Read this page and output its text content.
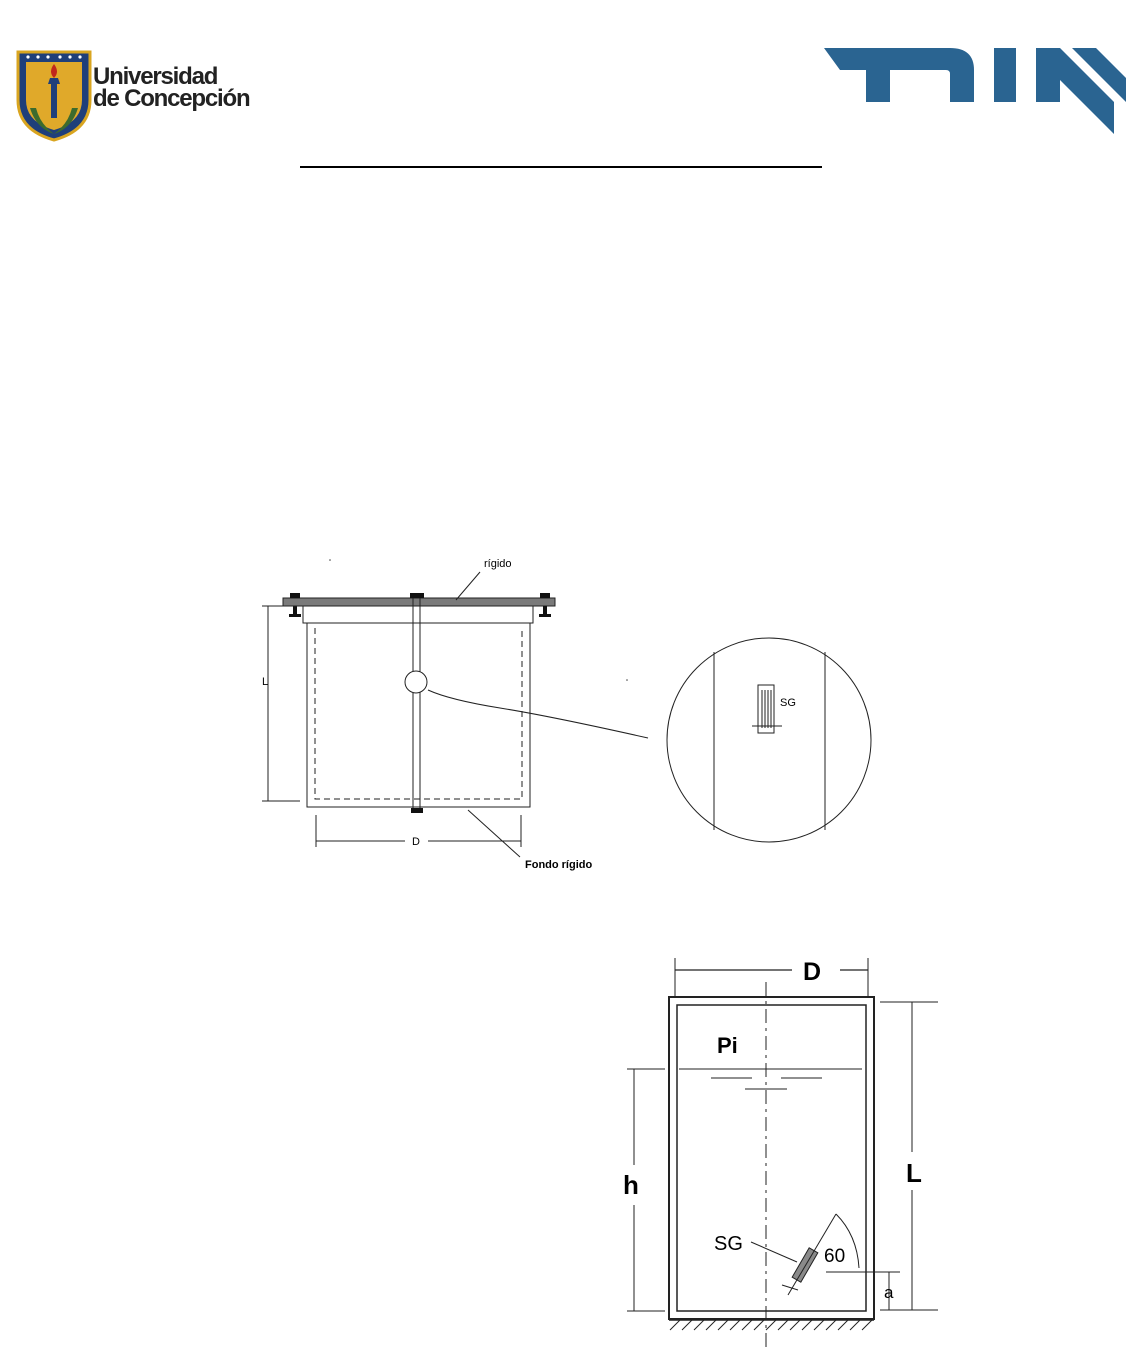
Universidad
de Concepción
rígido
L
D
Fondo rígido
SG
D
Pi
h	L
a
60
SG
